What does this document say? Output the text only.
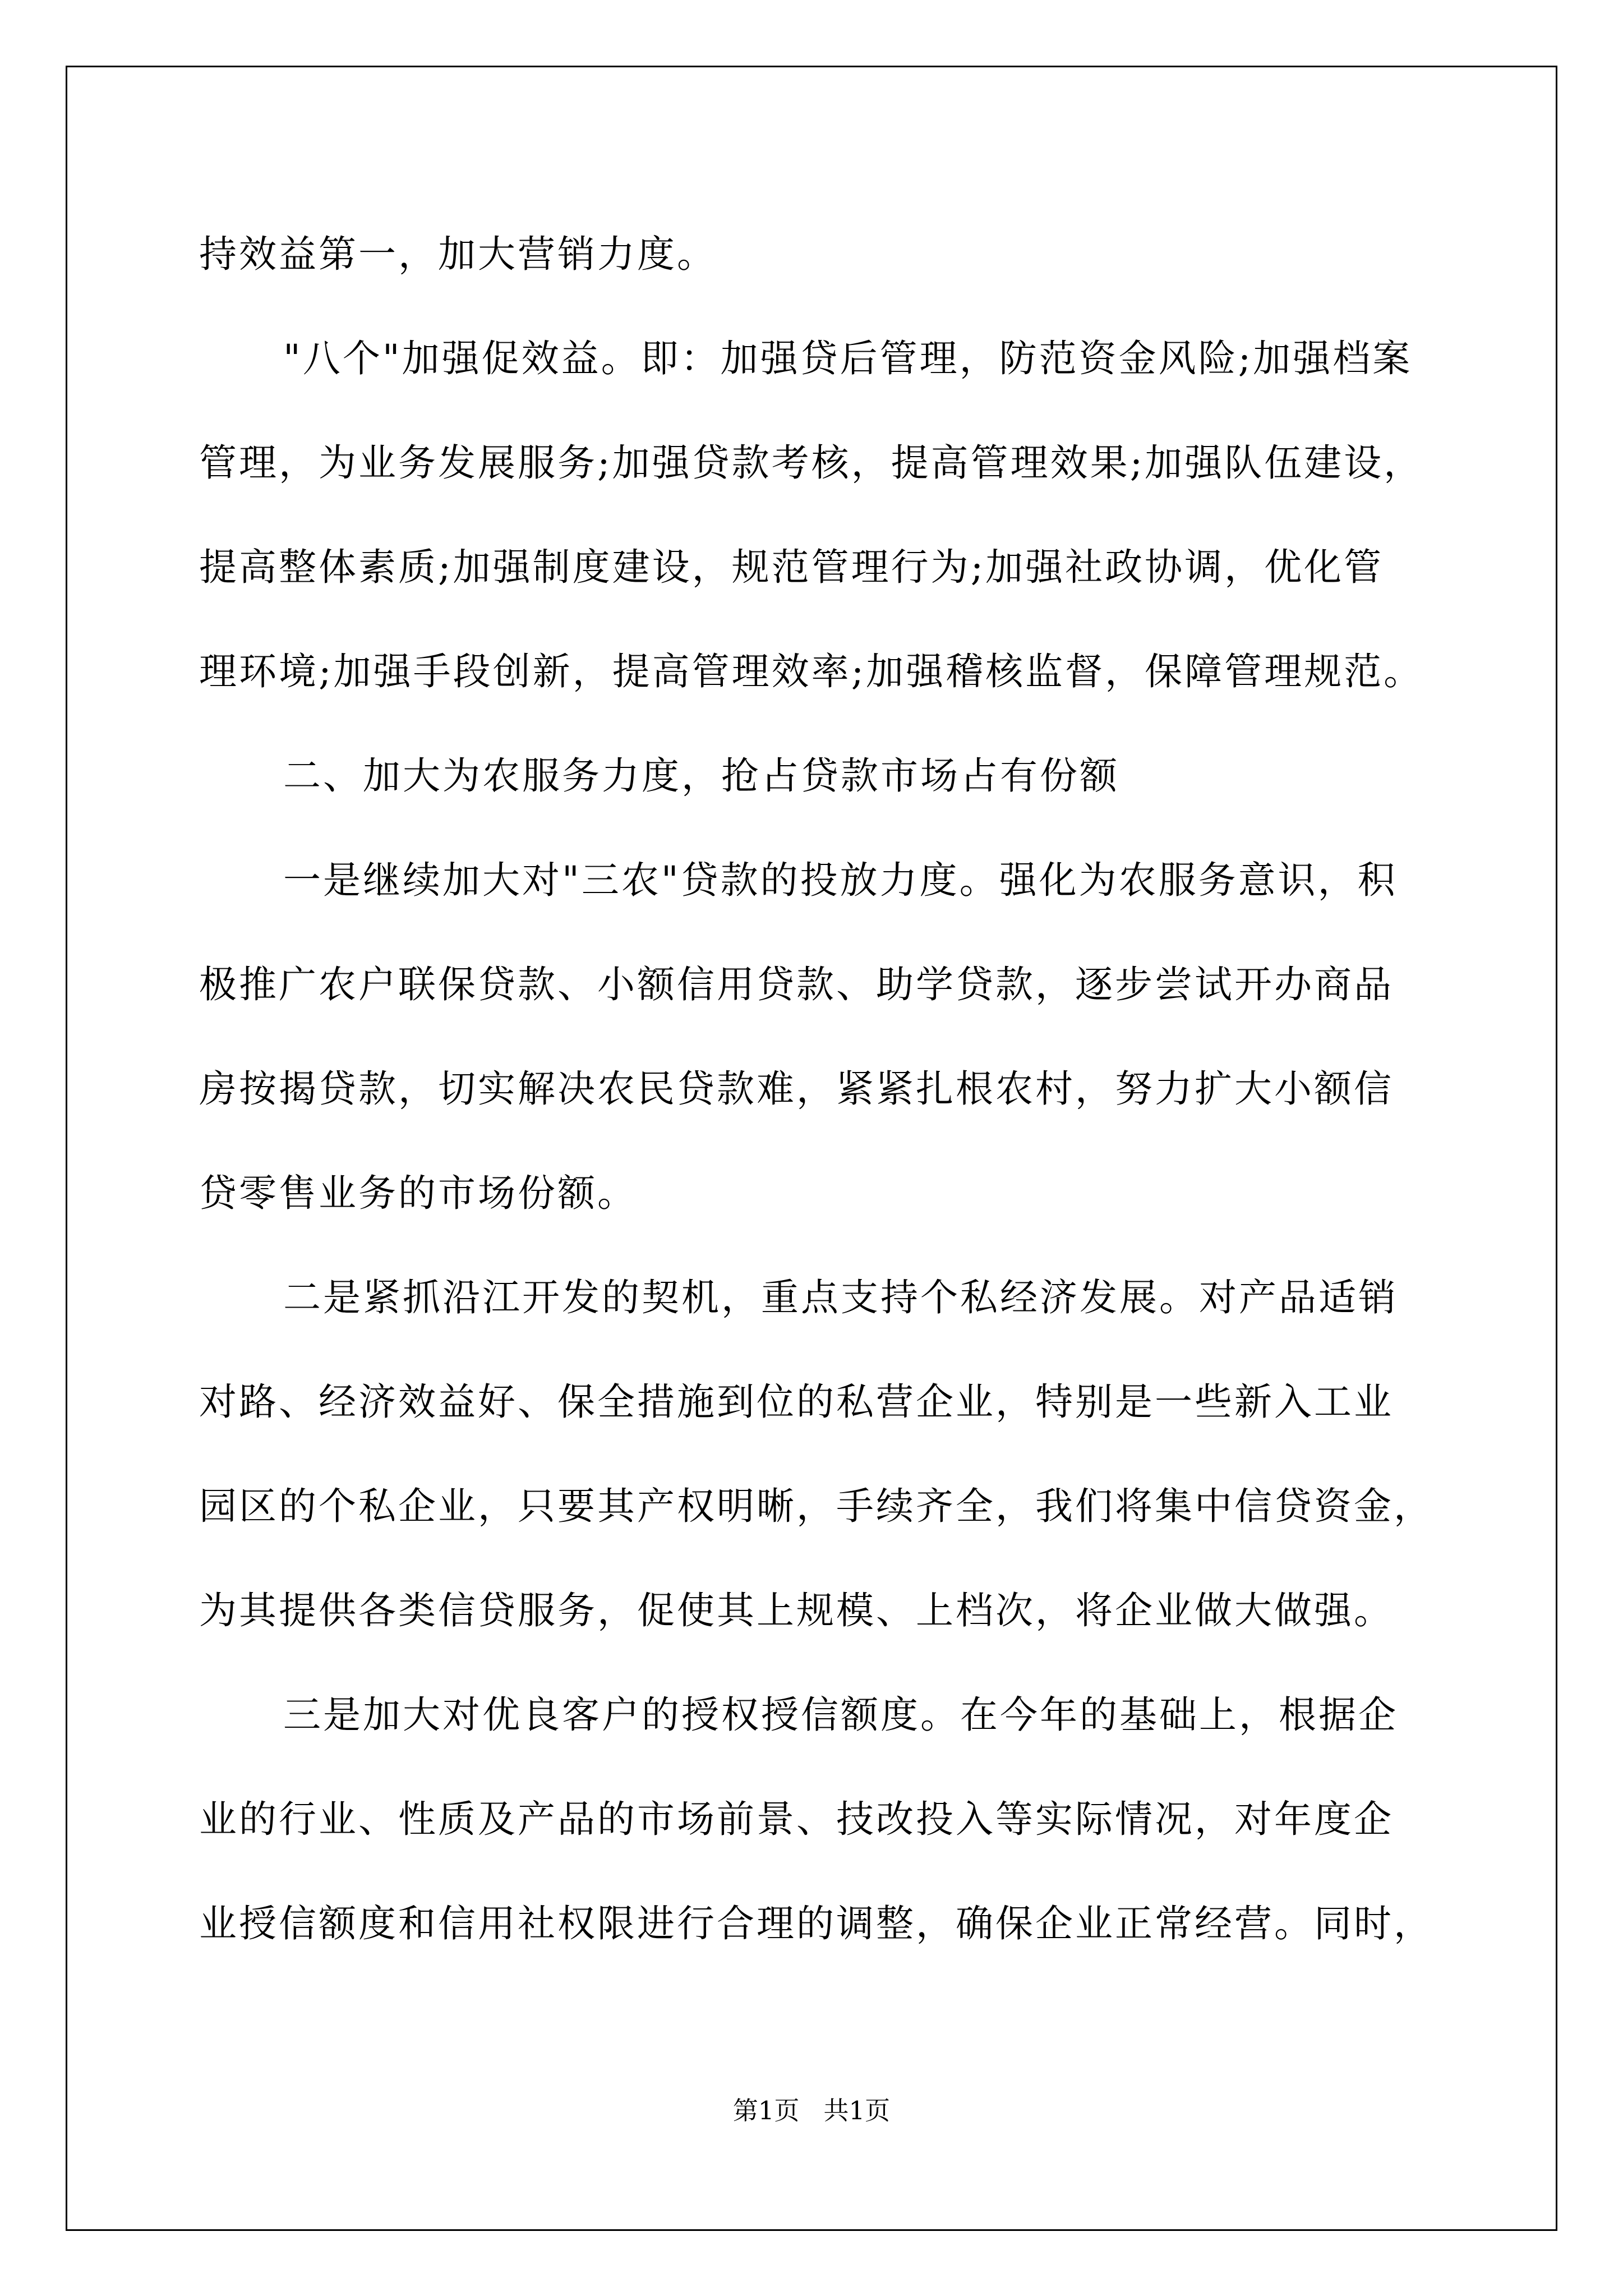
持效益第一，加大营销力度。
"八个"加强促效益。即：加强贷后管理，防范资金风险;加强档案
管理，为业务发展服务;加强贷款考核，提高管理效果;加强队伍建设，
提高整体素质;加强制度建设，规范管理行为;加强社政协调，优化管
理环境;加强手段创新，提高管理效率;加强稽核监督，保障管理规范。
二、加大为农服务力度，抢占贷款市场占有份额
一是继续加大对"三农"贷款的投放力度。强化为农服务意识，积
极推广农户联保贷款、小额信用贷款、助学贷款，逐步尝试开办商品
房按揭贷款，切实解决农民贷款难，紧紧扎根农村，努力扩大小额信
贷零售业务的市场份额。
二是紧抓沿江开发的契机，重点支持个私经济发展。对产品适销
对路、经济效益好、保全措施到位的私营企业，特别是一些新入工业
园区的个私企业，只要其产权明晰，手续齐全，我们将集中信贷资金，
为其提供各类信贷服务，促使其上规模、上档次，将企业做大做强。
三是加大对优良客户的授权授信额度。在今年的基础上，根据企
业的行业、性质及产品的市场前景、技改投入等实际情况，对年度企
业授信额度和信用社权限进行合理的调整，确保企业正常经营。同时，
第1页   共1页
